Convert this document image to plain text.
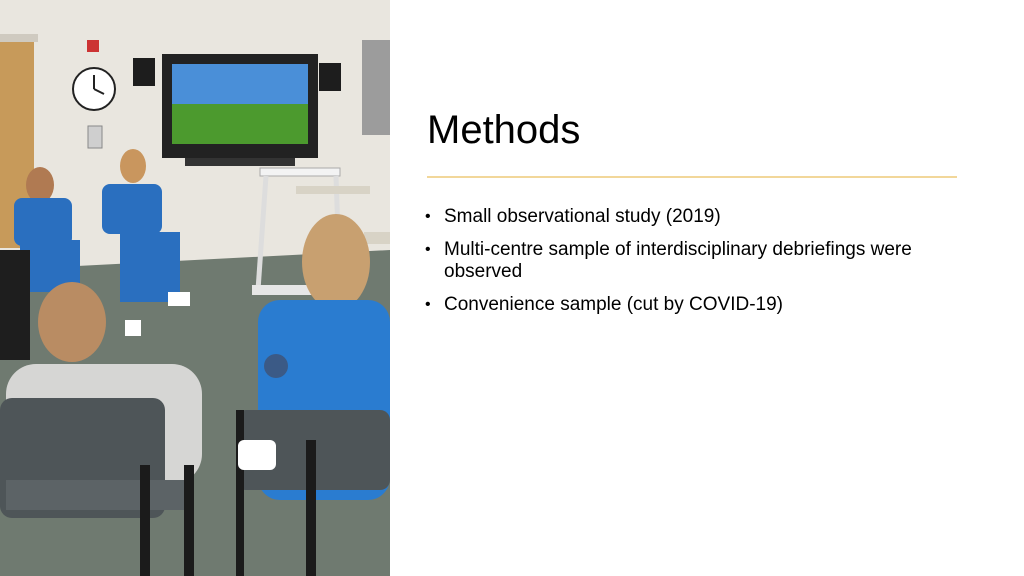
Methods
• Small observational study (2019)
• Multi-centre sample of interdisciplinary debriefings were observed
• Convenience sample (cut by COVID-19)
